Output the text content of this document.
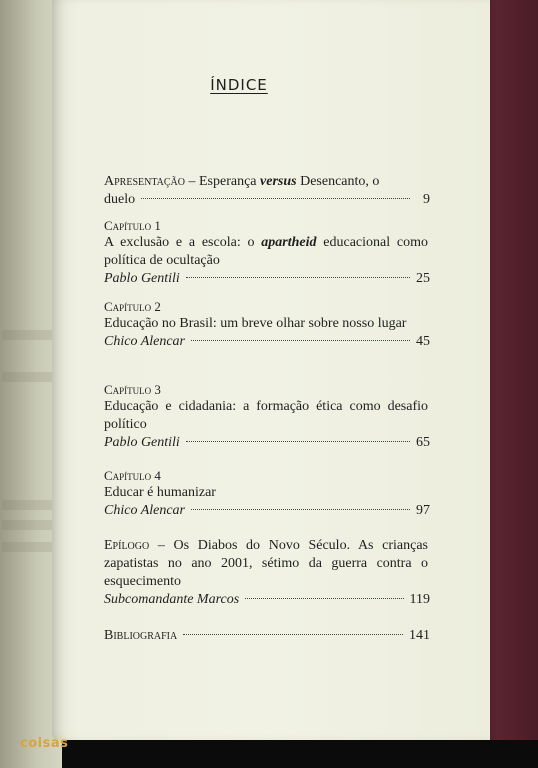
ÍNDICE
Apresentação – Esperança versus Desencanto, o
duelo	9
Capítulo 1
A exclusão e a escola: o apartheid educacional como política de ocultação
Pablo Gentili	25
Capítulo 2
Educação no Brasil: um breve olhar sobre nosso lugar
Chico Alencar	45
Capítulo 3
Educação e cidadania: a formação ética como desafio político
Pablo Gentili	65
Capítulo 4
Educar é humanizar
Chico Alencar	97
Epílogo – Os Diabos do Novo Século. As crianças zapatistas no ano 2001, sétimo da guerra contra o esquecimento
Subcomandante Marcos	119
Bibliografia	141
coisas
